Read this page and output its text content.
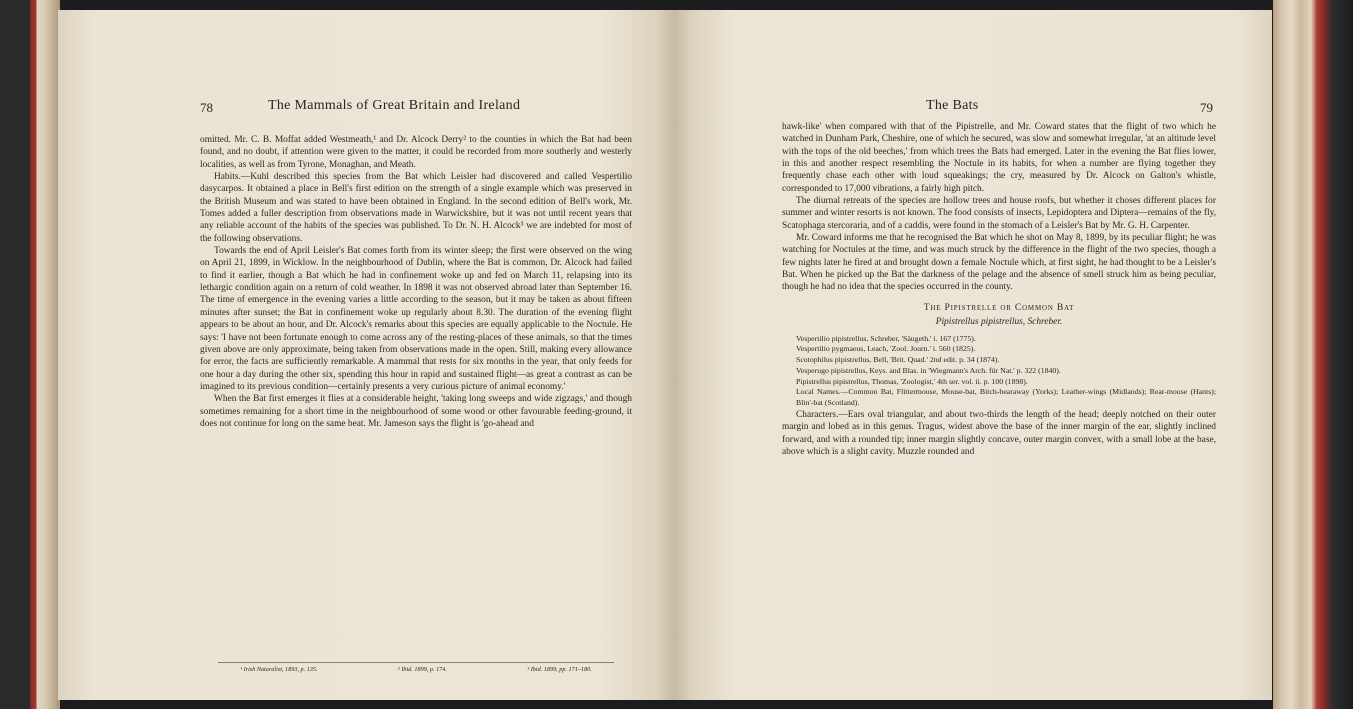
78	The Mammals of Great Britain and Ireland

omitted. Mr. C. B. Moffat added Westmeath,¹ and Dr. Alcock Derry² to the counties in which the Bat had been found, and no doubt, if attention were given to the matter, it could be recorded from more southerly and westerly localities, as well as from Tyrone, Monaghan, and Meath.

Habits.—Kuhl described this species from the Bat which Leisler had discovered and called Vespertilio dasycarpos. It obtained a place in Bell's first edition on the strength of a single example which was preserved in the British Museum and was stated to have been obtained in England. In the second edition of Bell's work, Mr. Tomes added a fuller description from observations made in Warwickshire, but it was not until recent years that any reliable account of the habits of the species was published. To Dr. N. H. Alcock³ we are indebted for most of the following observations.

Towards the end of April Leisler's Bat comes forth from its winter sleep; the first were observed on the wing on April 21, 1899, in Wicklow. In the neighbourhood of Dublin, where the Bat is common, Dr. Alcock had failed to find it earlier, though a Bat which he had in confinement woke up and fed on March 11, relapsing into its lethargic condition again on a return of cold weather. In 1898 it was not observed abroad later than September 16. The time of emergence in the evening varies a little according to the season, but it may be taken as about fifteen minutes after sunset; the Bat in confinement woke up regularly about 8.30. The duration of the evening flight appears to be about an hour, and Dr. Alcock's remarks about this species are equally applicable to the Noctule. He says: 'I have not been fortunate enough to come across any of the resting-places of these animals, so that the times given above are only approximate, being taken from observations made in the open. Still, making every allowance for error, the facts are sufficiently remarkable. A mammal that rests for six months in the year, that only feeds for one hour a day during the other six, spending this hour in rapid and sustained flight—as great a contrast as can be imagined to its previous condition—certainly presents a very curious picture of animal economy.'

When the Bat first emerges it flies at a considerable height, 'taking long sweeps and wide zigzags,' and though sometimes remaining for a short time in the neighbourhood of some wood or other favourable feeding-ground, it does not continue for long on the same beat. Mr. Jameson says the flight is 'go-ahead and

¹ Irish Naturalist, 1893, p. 135.	² Ibid. 1899, p. 174.	³ Ibid. 1899, pp. 171–180.
The Bats	79

hawk-like' when compared with that of the Pipistrelle, and Mr. Coward states that the flight of two which he watched in Dunham Park, Cheshire, one of which he secured, was slow and somewhat irregular, 'at an altitude level with the tops of the old beeches,' from which trees the Bats had emerged. Later in the evening the Bat flies lower, in this and another respect resembling the Noctule in its habits, for when a number are flying together they frequently chase each other with loud squeakings; the cry, measured by Dr. Alcock on Galton's whistle, corresponded to 17,000 vibrations, a fairly high pitch.

The diurnal retreats of the species are hollow trees and house roofs, but whether it choses different places for summer and winter resorts is not known. The food consists of insects, Lepidoptera and Diptera—remains of the fly, Scatophaga stercoraria, and of a caddis, were found in the stomach of a Leisler's Bat by Mr. G. H. Carpenter.

Mr. Coward informs me that he recognised the Bat which he shot on May 8, 1899, by its peculiar flight; he was watching for Noctules at the time, and was much struck by the difference in the flight of the two species, though a few nights later he fired at and brought down a female Noctule which, at first sight, he had thought to be a Leisler's Bat. When he picked up the Bat the darkness of the pelage and the absence of smell struck him as being peculiar, though he had no idea that the species occurred in the county.

The Pipistrelle or Common Bat
Pipistrellus pipistrellus, Schreber.
Vespertilio pipistrellus, Schreber, 'Säugeth.' i. 167 (1775).
Vespertilio pygmaeus, Leach, 'Zool. Journ.' i. 560 (1825).
Scotophilus pipistrellus, Bell, 'Brit. Quad.' 2nd edit. p. 34 (1874).
Vesperugo pipistrellus, Keys. and Blas. in 'Wiegmann's Arch. für Nat.' p. 322 (1840).
Pipistrellus pipistrellus, Thomas, 'Zoologist,' 4th ser. vol. ii. p. 100 (1898).
Local Names.—Common Bat, Flittermouse, Mouse-bat, Bitch-bearaway (Yorks); Leather-wings (Midlands); Rear-mouse (Hants); Blin'-bat (Scotland).

Characters.—Ears oval triangular, and about two-thirds the length of the head; deeply notched on their outer margin and lobed as in this genus. Tragus, widest above the base of the inner margin of the ear, slightly inclined forward, and with a rounded tip; inner margin slightly concave, outer margin convex, with a small lobe at the base, above which is a slight cavity. Muzzle rounded and
